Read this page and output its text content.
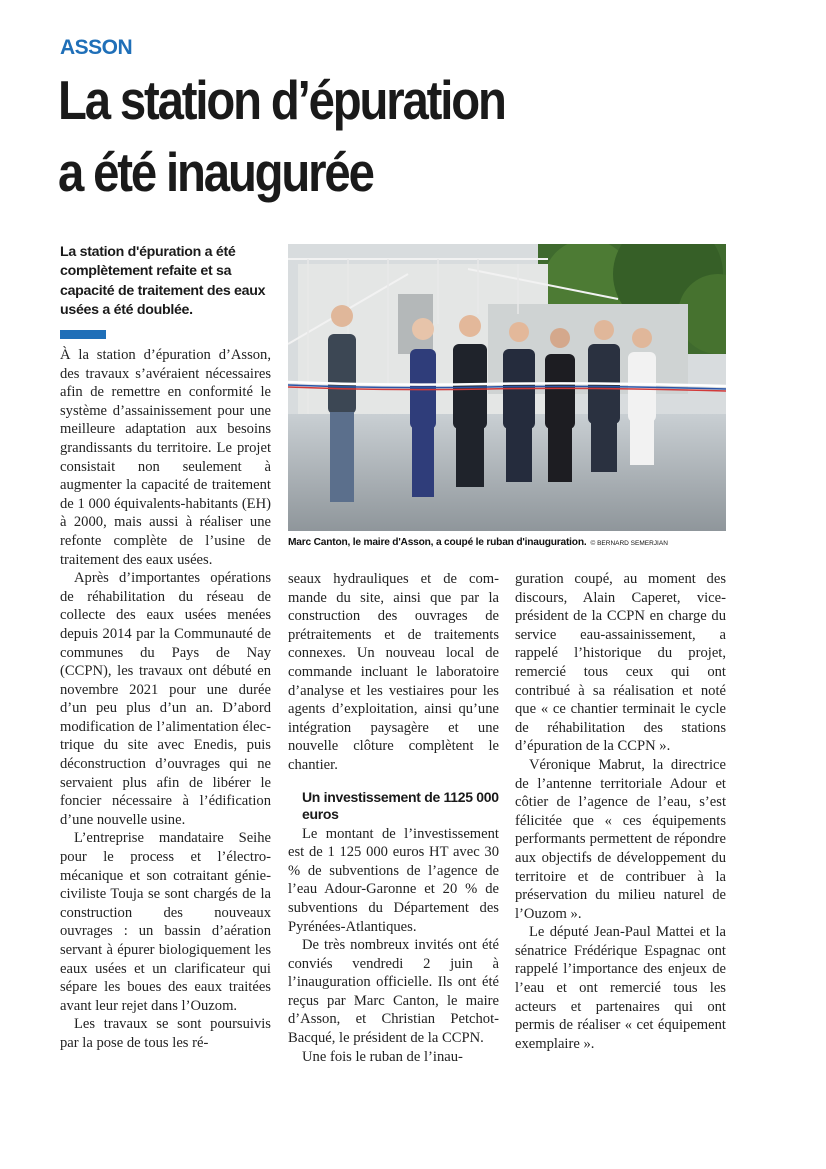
ASSON
La station d’épuration
a été inaugurée
La station d'épuration a été complètement refaite et sa capacité de traitement des eaux usées a été doublée.
Marc Canton, le maire d'Asson, a coupé le ruban d'inauguration. © BERNARD SEMERJIAN

À la station d’épuration d’Asson, des travaux s’avéraient nécessaires afin de remettre en conformité le système d’assainissement pour une meilleure adaptation aux besoins grandissants du territoire. Le projet consistait non seulement à augmenter la capacité de traitement de 1 000 équivalents-habitants (EH) à 2000, mais aussi à réaliser une refonte complète de l’usine de traitement des eaux usées.

Après d’importantes opérations de réhabilitation du réseau de collecte des eaux usées menées depuis 2014 par la Communauté de communes du Pays de Nay (CCPN), les travaux ont débuté en novembre 2021 pour une durée d’un peu plus d’un an. D’abord modification de l’alimentation électrique du site avec Enedis, puis déconstruction d’ouvrages qui ne servaient plus afin de libérer le foncier nécessaire à l’édification d’une nouvelle usine.

L’entreprise mandataire Seihe pour le process et l’électromécanique et son cotraitant génie-civiliste Touja se sont chargés de la construction des nouveaux ouvrages : un bassin d’aération servant à épurer biologiquement les eaux usées et un clarificateur qui sépare les boues des eaux traitées avant leur rejet dans l’Ouzom.

Les travaux se sont poursuivis par la pose de tous les ré-

seaux hydrauliques et de commande du site, ainsi que par la construction des ouvrages de prétraitements et de traitements connexes. Un nouveau local de commande incluant le laboratoire d’analyse et les vestiaires pour les agents d’exploitation, ainsi qu’une intégration paysagère et une nouvelle clôture complètent le chantier.

Un investissement de 1125 000 euros

Le montant de l’investissement est de 1 125 000 euros HT avec 30 % de subventions de l’agence de l’eau Adour-Garonne et 20 % de subventions du Département des Pyrénées-Atlantiques.

De très nombreux invités ont été conviés vendredi 2 juin à l’inauguration officielle. Ils ont été reçus par Marc Canton, le maire d’Asson, et Christian Petchot-Bacqué, le président de la CCPN.

Une fois le ruban de l’inau-

guration coupé, au moment des discours, Alain Caperet, vice-président de la CCPN en charge du service eau-assainissement, a rappelé l’historique du projet, remercié tous ceux qui ont contribué à sa réalisation et noté que « ce chantier terminait le cycle de réhabilitation des stations d’épuration de la CCPN ».

Véronique Mabrut, la directrice de l’antenne territoriale Adour et côtier de l’agence de l’eau, s’est félicitée que « ces équipements performants permettent de répondre aux objectifs de développement du territoire et de contribuer à la préservation du milieu naturel de l’Ouzom ».

Le député Jean-Paul Mattei et la sénatrice Frédérique Espagnac ont rappelé l’importance des enjeux de l’eau et ont remercié tous les acteurs et partenaires qui ont permis de réaliser « cet équipement exemplaire ».
